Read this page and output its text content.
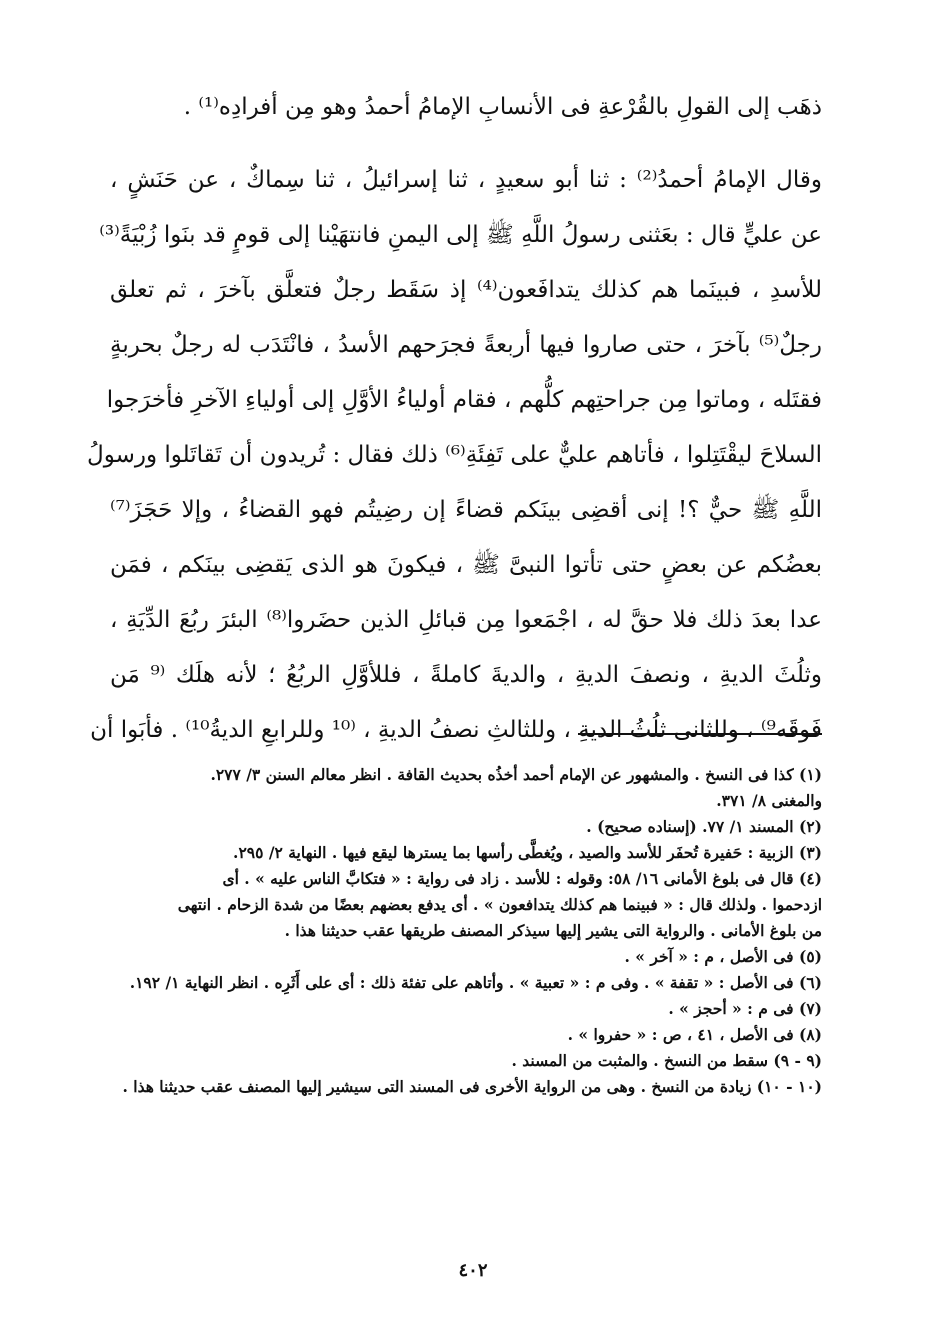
ذهَب إلى القولِ بالقُرْعةِ فى الأنسابِ الإمامُ أحمدُ وهو مِن أفرادِه⁽¹⁾ .
وقال الإمامُ أحمدُ⁽²⁾ : ثنا أبو سعيدٍ ، ثنا إسرائيلُ ، ثنا سِماكٌ ، عن حَنَشٍ ،
عن عليٍّ قال : بعَثنى رسولُ اللَّهِ ﷺ إلى اليمنِ فانتهَيْنا إلى قومٍ قد بنَوا زُبْيَةً⁽³⁾
للأسدِ ، فبينَما هم كذلك يتدافَعون⁽⁴⁾ إذ سَقَط رجلٌ فتعلَّق بآخرَ ، ثم تعلق
رجلٌ⁽⁵⁾ بآخرَ ، حتى صاروا فيها أربعةً فجرَحهم الأسدُ ، فانْتَدَب له رجلٌ بحربةٍ
فقتَله ، وماتوا مِن جراحتِهم كلُّهم ، فقام أولياءُ الأوَّلِ إلى أولياءِ الآخرِ فأخرَجوا
السلاحَ ليقْتَتِلوا ، فأتاهم عليٌّ على تَفِئَةِ⁽⁶⁾ ذلك فقال : تُريدون أن تَقاتَلوا ورسولُ
اللَّهِ ﷺ حيٌّ ؟! إنى أقضِى بينَكم قضاءً إن رضِيتُم فهو القضاءُ ، وإلا حَجَزَ⁽⁷⁾
بعضُكم عن بعضٍ حتى تأتوا النبىَّ ﷺ ، فيكونَ هو الذى يَقضِى بينَكم ، فمَن
عدا بعدَ ذلك فلا حقَّ له ، اجْمَعوا مِن قبائلِ الذين حضَروا⁽⁸⁾ البئرَ ربُعَ الدِّيَةِ ،
وثلُثَ الديةِ ، ونصفَ الديةِ ، والديةَ كاملةً ، فللأوَّلِ الربُعُ ؛ لأنه هلَك ⁽⁹ مَن
فَوقَه⁹⁾ ، وللثانى ثلُثُ الديةِ ، وللثالثِ نصفُ الديةِ ، ⁽¹⁰ وللرابعِ الديةُ¹⁰⁾ . فأبَوا أن
(١) كذا فى النسخ . والمشهور عن الإمام أحمد أخذُه بحديث القافة . انظر معالم السنن ٣/ ٢٧٧.
والمغنى ٨/ ٣٧١.
(٢) المسند ١/ ٧٧. (إسناده صحيح) .
(٣) الزبية : حَفيرة تُحفَر للأسد والصيد ، ويُغطَّى رأسها بما يسترها ليقع فيها . النهاية ٢/ ٢٩٥.
(٤) قال فى بلوغ الأمانى ١٦/ ٥٨: وقوله : للأسد . زاد فى رواية : « فتكابَّ الناس عليه » . أى
ازدحموا . ولذلك قال : « فبينما هم كذلك يتدافعون » . أى يدفع بعضهم بعضًا من شدة الزحام . انتهى
من بلوغ الأمانى . والرواية التى يشير إليها سيذكر المصنف طريقها عقب حديثنا هذا .
(٥) فى الأصل ، م : « آخر » .
(٦) فى الأصل : « تقفة » . وفى م : « تعبية » . وأتاهم على تفئة ذلك : أى على أَثَرِه . انظر النهاية ١/ ١٩٢.
(٧) فى م : « أحجز » .
(٨) فى الأصل ، ٤١ ، ص : « حفروا » .
(٩ - ٩) سقط من النسخ . والمثبت من المسند .
(١٠ - ١٠) زيادة من النسخ . وهى من الرواية الأخرى فى المسند التى سيشير إليها المصنف عقب حديثنا هذا .
٤٠٢
